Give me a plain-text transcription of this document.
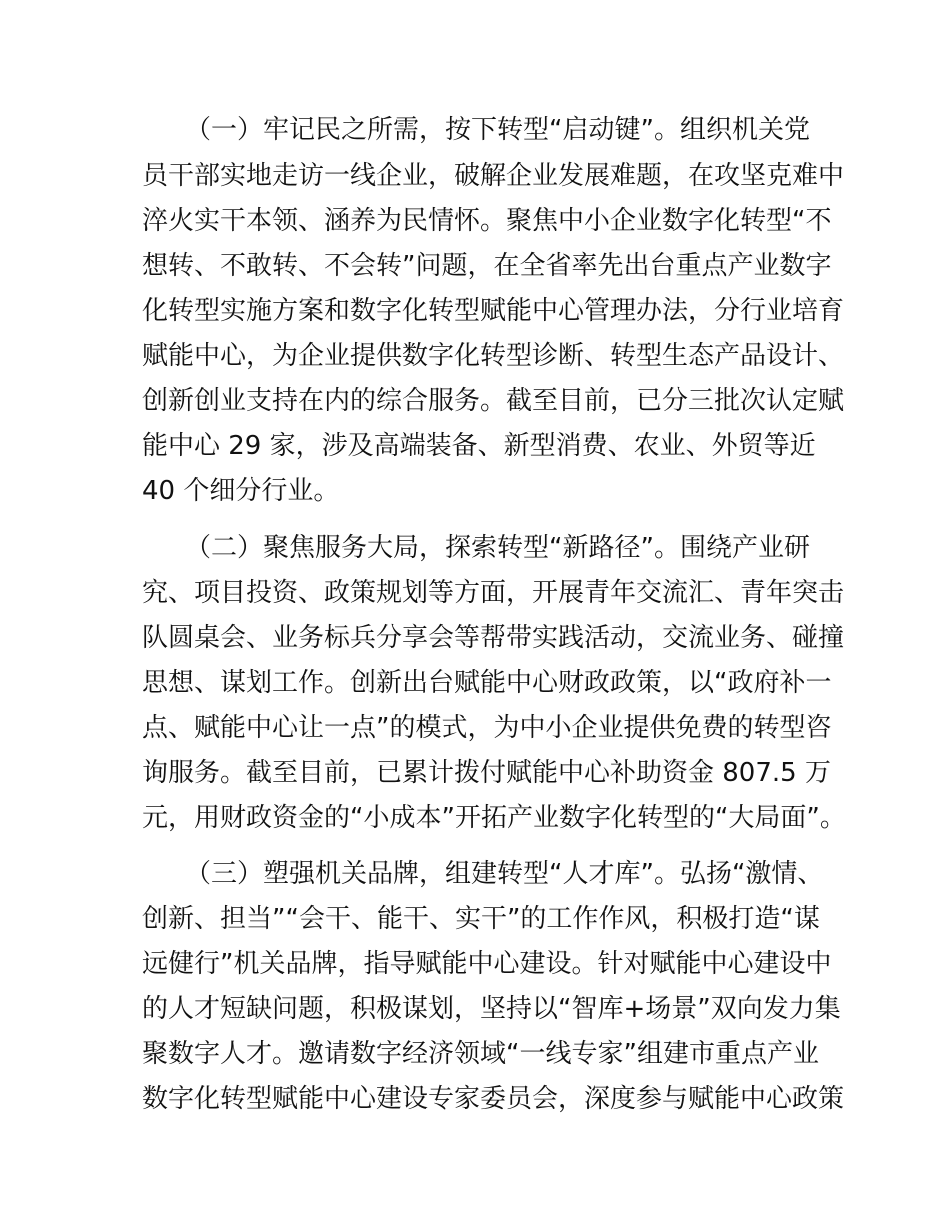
（一）牢记民之所需，按下转型“启动键”。组织机关党
员干部实地走访一线企业，破解企业发展难题，在攻坚克难中
淬火实干本领、涵养为民情怀。聚焦中小企业数字化转型“不
想转、不敢转、不会转”问题，在全省率先出台重点产业数字
化转型实施方案和数字化转型赋能中心管理办法，分行业培育
赋能中心，为企业提供数字化转型诊断、转型生态产品设计、
创新创业支持在内的综合服务。截至目前，已分三批次认定赋
能中心 29 家，涉及高端装备、新型消费、农业、外贸等近
40 个细分行业。
（二）聚焦服务大局，探索转型“新路径”。围绕产业研
究、项目投资、政策规划等方面，开展青年交流汇、青年突击
队圆桌会、业务标兵分享会等帮带实践活动，交流业务、碰撞
思想、谋划工作。创新出台赋能中心财政政策，以“政府补一
点、赋能中心让一点”的模式，为中小企业提供免费的转型咨
询服务。截至目前，已累计拨付赋能中心补助资金 807.5 万
元，用财政资金的“小成本”开拓产业数字化转型的“大局面”。
（三）塑强机关品牌，组建转型“人才库”。弘扬“激情、
创新、担当”“会干、能干、实干”的工作作风，积极打造“谋
远健行”机关品牌，指导赋能中心建设。针对赋能中心建设中
的人才短缺问题，积极谋划，坚持以“智库+场景”双向发力集
聚数字人才。邀请数字经济领域“一线专家”组建市重点产业
数字化转型赋能中心建设专家委员会，深度参与赋能中心政策
